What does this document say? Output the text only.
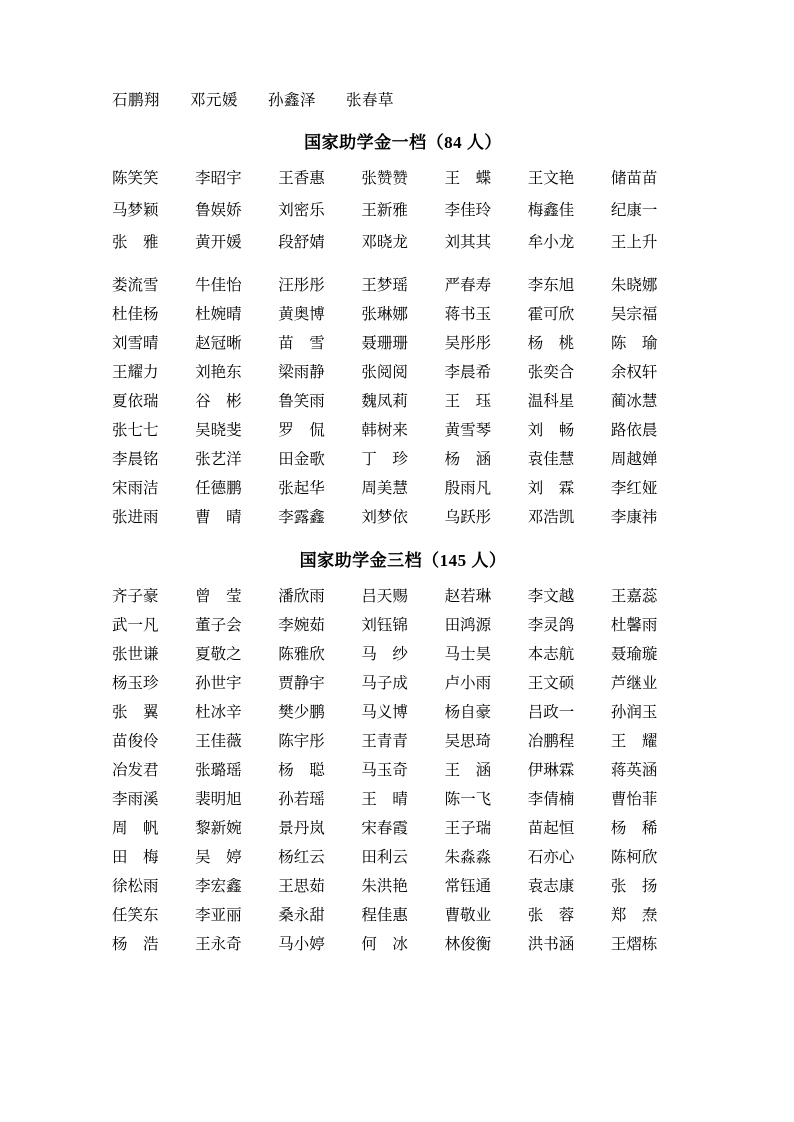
石鹏翔 邓元媛 孙鑫泽 张春草
国家助学金一档（84 人）
陈笑笑	李昭宇	王香惠	张赞赞	王　蝶	王文艳	储苗苗
马梦颖	鲁娱娇	刘密乐	王新雅	李佳玲	梅鑫佳	纪康一
张　雅	黄开媛	段舒婧	邓晓龙	刘其其	牟小龙	王上升
娄流雪	牛佳怡	汪彤彤	王梦瑶	严春寿	李东旭	朱晓娜
杜佳杨	杜婉晴	黄奥博	张琳娜	蒋书玉	霍可欣	吴宗福
刘雪晴	赵冠晰	苗　雪	聂珊珊	吴彤彤	杨　桃	陈　瑜
王耀力	刘艳东	梁雨静	张阅阅	李晨希	张奕合	余权轩
夏依瑞	谷　彬	鲁笑雨	魏凤莉	王　珏	温科星	蔺冰慧
张七七	吴晓斐	罗　侃	韩树来	黄雪琴	刘　畅	路依晨
李晨铭	张艺洋	田金歌	丁　珍	杨　涵	袁佳慧	周越婵
宋雨洁	任德鹏	张起华	周美慧	殷雨凡	刘　霖	李红娅
张进雨	曹　晴	李露鑫	刘梦依	乌跃彤	邓浩凯	李康祎
国家助学金三档（145 人）
齐子豪	曾　莹	潘欣雨	吕天赐	赵若琳	李文越	王嘉蕊
武一凡	董子会	李婉茹	刘钰锦	田鸿源	李灵鸽	杜馨雨
张世谦	夏敬之	陈雅欣	马　纱	马士昊	本志航	聂瑜璇
杨玉珍	孙世宇	贾静宇	马子成	卢小雨	王文硕	芦继业
张　翼	杜冰辛	樊少鹏	马义博	杨自豪	吕政一	孙润玉
苗俊伶	王佳薇	陈宇彤	王青青	吴思琦	冶鹏程	王　耀
冶发君	张璐瑶	杨　聪	马玉奇	王　涵	伊琳霖	蒋英涵
李雨溪	裴明旭	孙若瑶	王　晴	陈一飞	李倩楠	曹怡菲
周　帆	黎新婉	景丹岚	宋春霞	王子瑞	苗起恒	杨　稀
田　梅	吴　婷	杨红云	田利云	朱淼淼	石亦心	陈柯欣
徐松雨	李宏鑫	王思茹	朱洪艳	常钰通	袁志康	张　扬
任笑东	李亚丽	桑永甜	程佳惠	曹敬业	张　蓉	郑　焘
杨　浩	王永奇	马小婷	何　冰	林俊衡	洪书涵	王熠栋
